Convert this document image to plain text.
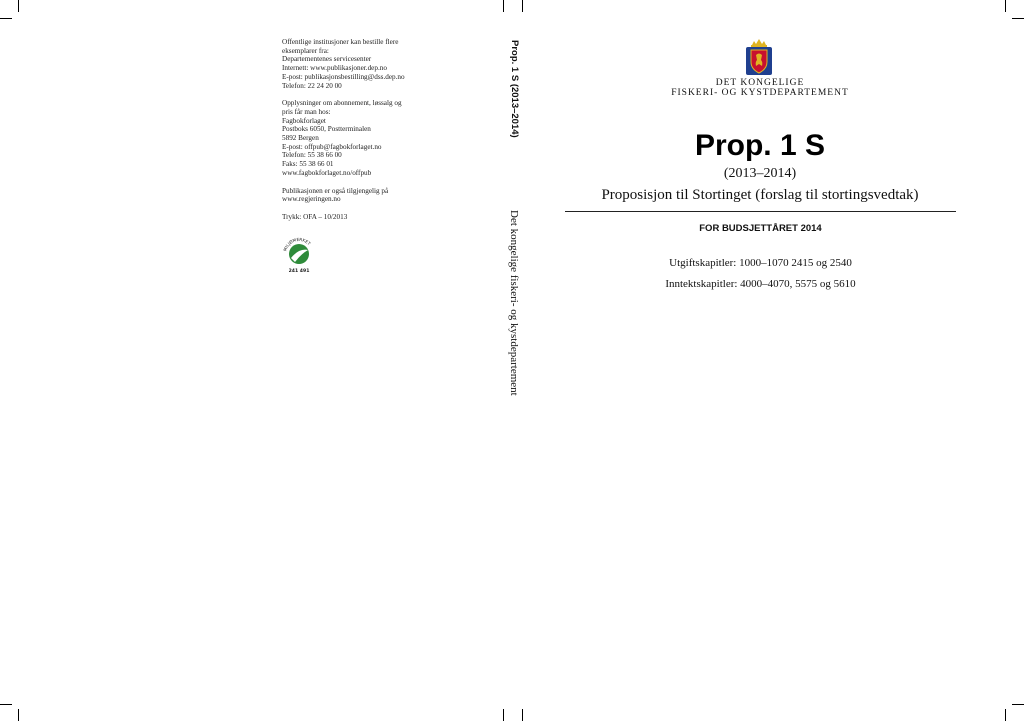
Offentlige institusjoner kan bestille flere
eksemplarer fra:
Departementenes servicesenter
Internett: www.publikasjoner.dep.no
E-post: publikasjonsbestilling@dss.dep.no
Telefon: 22 24 20 00

Opplysninger om abonnement, løssalg og
pris får man hos:
Fagbokforlaget
Postboks 6050, Postterminalen
5892 Bergen
E-post: offpub@fagbokforlaget.no
Telefon: 55 38 66 00
Faks: 55 38 66 01
www.fagbokforlaget.no/offpub

Publikasjonen er også tilgjengelig på
www.regjeringen.no

Trykk: OFA – 10/2013

MILJØMERKET
241 491
Prop. 1 S (2013–2014)
Det kongelige fiskeri- og kystdepartement
DET KONGELIGE
FISKERI- OG KYSTDEPARTEMENT
Prop. 1 S
(2013–2014)
Proposisjon til Stortinget (forslag til stortingsvedtak)
FOR BUDSJETTÅRET 2014
Utgiftskapitler: 1000–1070 2415 og 2540
Inntektskapitler: 4000–4070, 5575 og 5610
